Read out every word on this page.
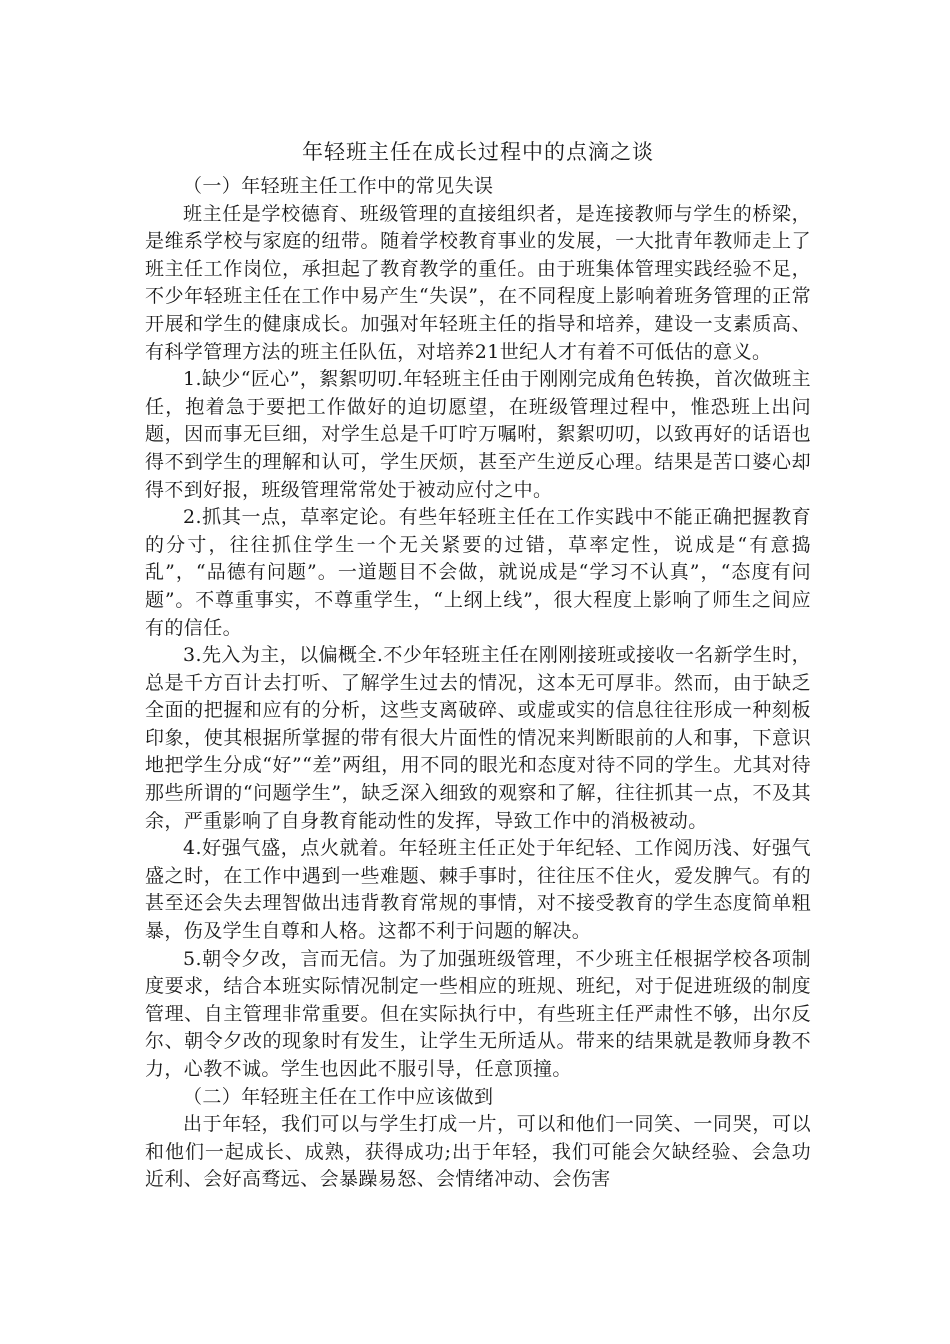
年轻班主任在成长过程中的点滴之谈

（一）年轻班主任工作中的常见失误

班主任是学校德育、班级管理的直接组织者，是连接教师与学生的桥梁，是维系学校与家庭的纽带。随着学校教育事业的发展，一大批青年教师走上了班主任工作岗位，承担起了教育教学的重任。由于班集体管理实践经验不足，不少年轻班主任在工作中易产生“失误”，在不同程度上影响着班务管理的正常开展和学生的健康成长。加强对年轻班主任的指导和培养，建设一支素质高、有科学管理方法的班主任队伍，对培养21世纪人才有着不可低估的意义。

1.缺少“匠心”，絮絮叨叨.年轻班主任由于刚刚完成角色转换，首次做班主任，抱着急于要把工作做好的迫切愿望，在班级管理过程中，惟恐班上出问题，因而事无巨细，对学生总是千叮咛万嘱咐，絮絮叨叨，以致再好的话语也得不到学生的理解和认可，学生厌烦，甚至产生逆反心理。结果是苦口婆心却得不到好报，班级管理常常处于被动应付之中。

2.抓其一点，草率定论。有些年轻班主任在工作实践中不能正确把握教育的分寸，往往抓住学生一个无关紧要的过错，草率定性，说成是“有意捣乱”，“品德有问题”。一道题目不会做，就说成是“学习不认真”，“态度有问题”。不尊重事实，不尊重学生，“上纲上线”，很大程度上影响了师生之间应有的信任。

3.先入为主，以偏概全.不少年轻班主任在刚刚接班或接收一名新学生时，总是千方百计去打听、了解学生过去的情况，这本无可厚非。然而，由于缺乏全面的把握和应有的分析，这些支离破碎、或虚或实的信息往往形成一种刻板印象，使其根据所掌握的带有很大片面性的情况来判断眼前的人和事，下意识地把学生分成“好”“差”两组，用不同的眼光和态度对待不同的学生。尤其对待那些所谓的“问题学生”，缺乏深入细致的观察和了解，往往抓其一点，不及其余，严重影响了自身教育能动性的发挥，导致工作中的消极被动。

4.好强气盛，点火就着。年轻班主任正处于年纪轻、工作阅历浅、好强气盛之时，在工作中遇到一些难题、棘手事时，往往压不住火，爱发脾气。有的甚至还会失去理智做出违背教育常规的事情，对不接受教育的学生态度简单粗暴，伤及学生自尊和人格。这都不利于问题的解决。

5.朝令夕改，言而无信。为了加强班级管理，不少班主任根据学校各项制度要求，结合本班实际情况制定一些相应的班规、班纪，对于促进班级的制度管理、自主管理非常重要。但在实际执行中，有些班主任严肃性不够，出尔反尔、朝令夕改的现象时有发生，让学生无所适从。带来的结果就是教师身教不力，心教不诚。学生也因此不服引导，任意顶撞。

（二）年轻班主任在工作中应该做到

出于年轻，我们可以与学生打成一片，可以和他们一同笑、一同哭，可以和他们一起成长、成熟，获得成功;出于年轻，我们可能会欠缺经验、会急功近利、会好高骛远、会暴躁易怒、会情绪冲动、会伤害
